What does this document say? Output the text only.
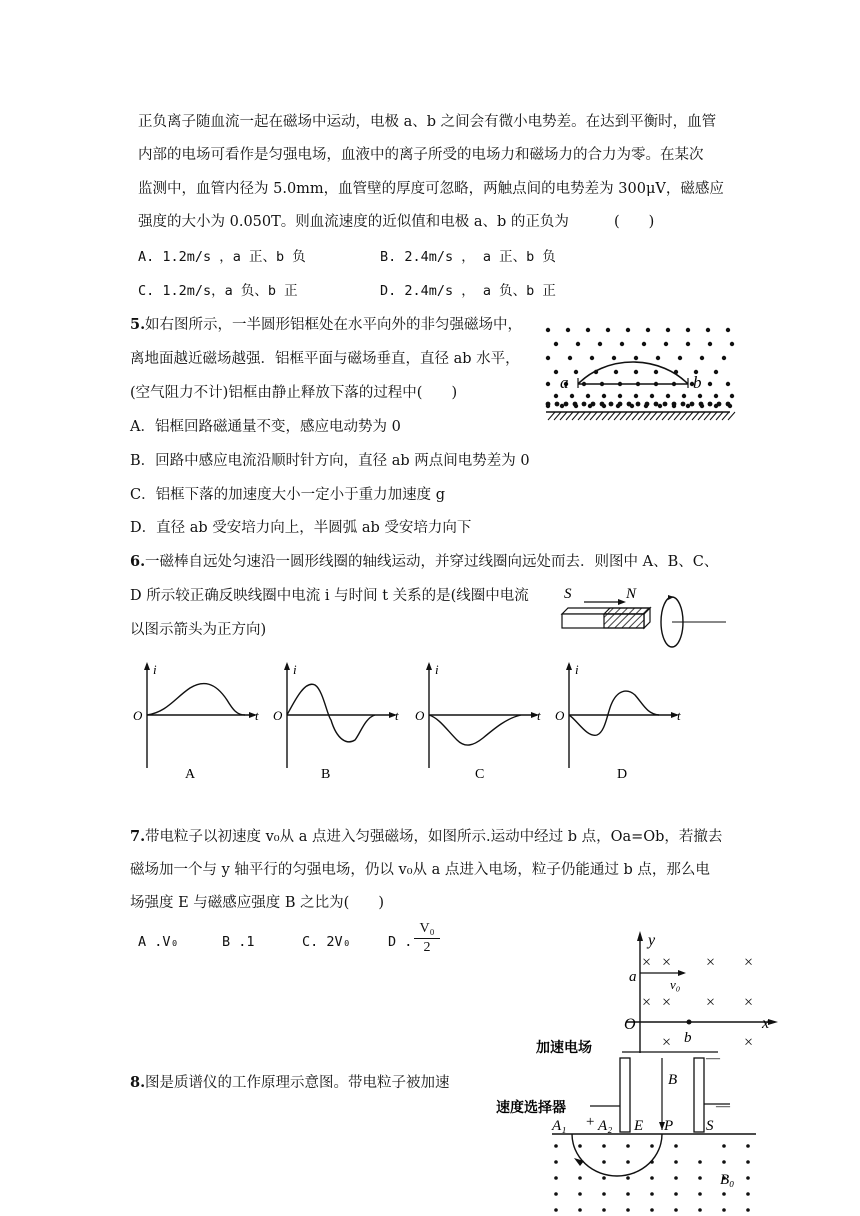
正负离子随血流一起在磁场中运动，电极 a、b 之间会有微小电势差。在达到平衡时，血管
内部的电场可看作是匀强电场，血液中的离子所受的电场力和磁场力的合力为零。在某次
监测中，血管内径为 5.0mm，血管壁的厚度可忽略，两触点间的电势差为 300μV，磁感应
强度的大小为 0.050T。则血流速度的近似值和电极 a、b 的正负为	(　　)
A. 1.2m/s ，a 正、b 负	B. 2.4m/s ， a 正、b 负
C. 1.2m/s，a 负、b 正	D. 2.4m/s ， a 负、b 正
5. 如右图所示，一半圆形铝框处在水平向外的非匀强磁场中，
离地面越近磁场越强．铝框平面与磁场垂直，直径 ab 水平，
(空气阻力不计)铝框由静止释放下落的过程中(　　)
A．铝框回路磁通量不变，感应电动势为 0
B．回路中感应电流沿顺时针方向，直径 ab 两点间电势差为 0
C．铝框下落的加速度大小一定小于重力加速度 g
D．直径 ab 受安培力向上，半圆弧 ab 受安培力向下
a	b
6. 一磁棒自远处匀速沿一圆形线圈的轴线运动，并穿过线圈向远处而去．则图中 A、B、C、
D 所示较正确反映线圈中电流 i 与时间 t 关系的是(线圈中电流
以图示箭头为正方向)
S	N
i
O	t
A
i
O	t
B
i
O	t
C
i
O	t
D
7. 带电粒子以初速度 v₀从 a 点进入匀强磁场，如图所示.运动中经过 b 点，Oa=Ob，若撤去
磁场加一个与 y 轴平行的匀强电场，仍以 v₀从 a 点进入电场，粒子仍能通过 b 点，那么电
场强度 E 与磁感应强度 B 之比为(　　)
A .V₀	B .1	C. 2V₀	D . $\frac{\text{V₀}}{2}$	y
x
O
a
b
v₀
× × ×
× × ×
×	×
×
×
8. 图是质谱仪的工作原理示意图。带电粒子被加速
加速电场
—
B
E
速度选择器
+
—
A₁ A₂	P S
B₀
